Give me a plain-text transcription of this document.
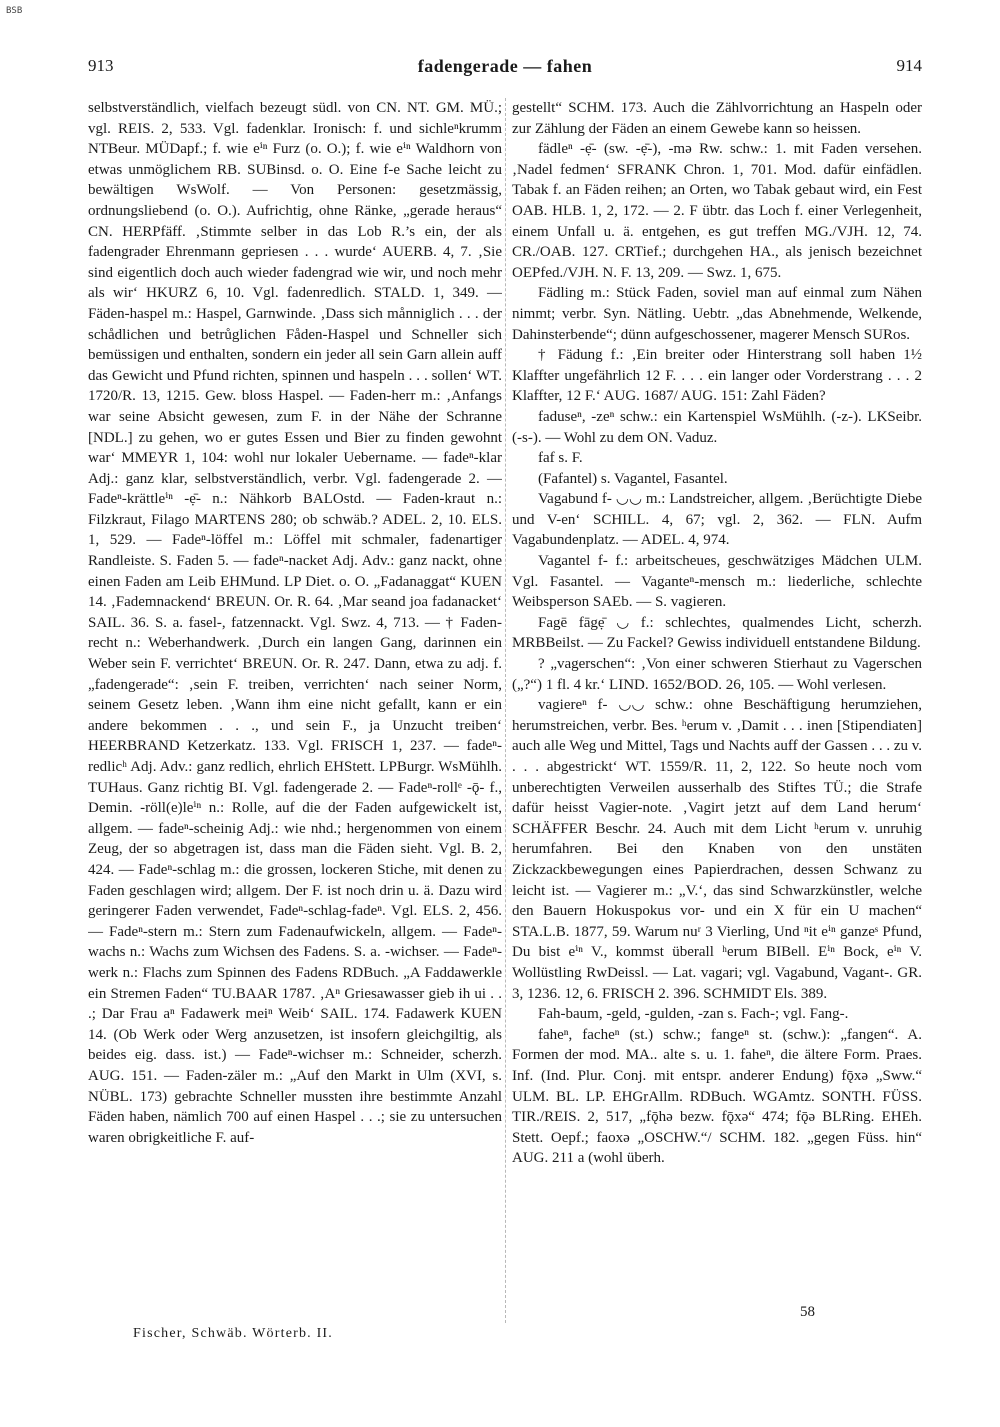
BSB
913	fadengerade — fahen	914

selbstverständlich, vielfach bezeugt südl. von CN. NT. GM. MÜ.; vgl. REIS. 2, 533. Vgl. fadenklar. Ironisch: f. und sichleⁿkrumm NTBeur. MÜDapf.; f. wie eⁱⁿ Furz (o. O.); f. wie eⁱⁿ Waldhorn von etwas unmöglichem RB. SUBinsd. o. O. Eine f-e Sache leicht zu bewältigen WsWolf. — Von Personen: gesetzmässig, ordnungsliebend (o. O.). Aufrichtig, ohne Ränke, „gerade heraus“ CN. HERPfäff. ‚Stimmte selber in das Lob R.’s ein, der als fadengrader Ehrenmann gepriesen . . . wurde‘ AUERB. 4, 7. ‚Sie sind eigentlich doch auch wieder fadengrad wie wir, und noch mehr als wir‘ HKURZ 6, 10. Vgl. fadenredlich. STALD. 1, 349. — Fäden-haspel m.: Haspel, Garnwinde. ‚Dass sich månniglich . . . der schådlichen und betrůglichen Fåden-Haspel und Schneller sich bemüssigen und enthalten, sondern ein jeder all sein Garn allein auff das Gewicht und Pfund richten, spinnen und haspeln . . . sollen‘ WT. 1720/R. 13, 1215. Gew. bloss Haspel. — Faden-herr m.: ‚Anfangs war seine Absicht gewesen, zum F. in der Nähe der Schranne [NDL.] zu gehen, wo er gutes Essen und Bier zu finden gewohnt war‘ MMEYR 1, 104: wohl nur lokaler Uebername. — fadeⁿ-klar Adj.: ganz klar, selbstverständlich, verbr. Vgl. fadengerade 2. — Fadeⁿ-krättleⁱⁿ -ẹ̄- n.: Nähkorb BALOstd. — Faden-kraut n.: Filzkraut, Filago MARTENS 280; ob schwäb.? ADEL. 2, 10. ELS. 1, 529. — Fadeⁿ-löffel m.: Löffel mit schmaler, fadenartiger Randleiste. S. Faden 5. — fadeⁿ-nacket Adj. Adv.: ganz nackt, ohne einen Faden am Leib EHMund. LP Diet. o. O. „Fadanaggat“ KUEN 14. ‚Fademnackend‘ BREUN. Or. R. 64. ‚Mar seand joa fadanacket‘ SAIL. 36. S. a. fasel-, fatzennackt. Vgl. Swz. 4, 713. — † Faden-recht n.: Weberhandwerk. ‚Durch ein langen Gang, darinnen ein Weber sein F. verrichtet‘ BREUN. Or. R. 247. Dann, etwa zu adj. f. „fadengerade“: ‚sein F. treiben, verrichten‘ nach seiner Norm, seinem Gesetz leben. ‚Wann ihm eine nicht gefallt, kann er ein andere bekommen . . ., und sein F., ja Unzucht treiben‘ HEERBRAND Ketzerkatz. 133. Vgl. FRISCH 1, 237. — fadeⁿ-redlicʰ Adj. Adv.: ganz redlich, ehrlich EHStett. LPBurgr. WsMühlh. TUHaus. Ganz richtig BI. Vgl. fadengerade 2. — Fadeⁿ-rollᵉ -ǭ- f., Demin. -röll(e)leⁱⁿ n.: Rolle, auf die der Faden aufgewickelt ist, allgem. — fadeⁿ-scheinig Adj.: wie nhd.; hergenommen von einem Zeug, der so abgetragen ist, dass man die Fäden sieht. Vgl. B. 2, 424. — Fadeⁿ-schlag m.: die grossen, lockeren Stiche, mit denen zu Faden geschlagen wird; allgem. Der F. ist noch drin u. ä. Dazu wird geringerer Faden verwendet, Fadeⁿ-schlag-fadeⁿ. Vgl. ELS. 2, 456. — Fadeⁿ-stern m.: Stern zum Fadenaufwickeln, allgem. — Fadeⁿ-wachs n.: Wachs zum Wichsen des Fadens. S. a. -wichser. — Fadeⁿ-werk n.: Flachs zum Spinnen des Fadens RDBuch. „A Faddawerkle ein Stremen Faden“ TU.BAAR 1787. ‚Aⁿ Griesawasser gieb ih ui . . .; Dar Frau aⁿ Fadawerk meiⁿ Weib‘ SAIL. 174. Fadawerk KUEN 14. (Ob Werk oder Werg anzusetzen, ist insofern gleichgiltig, als beides eig. dass. ist.) — Fadeⁿ-wichser m.: Schneider, scherzh. AUG. 151. — Faden-zäler m.: „Auf den Markt in Ulm (XVI, s. NÜBL. 173) gebrachte Schneller mussten ihre bestimmte Anzahl Fäden haben, nämlich 700 auf einen Haspel . . .; sie zu untersuchen waren obrigkeitliche F. auf-

gestellt“ SCHM. 173. Auch die Zählvorrichtung an Haspeln oder zur Zählung der Fäden an einem Gewebe kann so heissen.

fädleⁿ -ẹ̄- (sw. -ẹ̄-), -mə Rw. schw.: 1. mit Faden versehen. ‚Nadel fedmen‘ SFRANK Chron. 1, 701. Mod. dafür einfädlen. Tabak f. an Fäden reihen; an Orten, wo Tabak gebaut wird, ein Fest OAB. HLB. 1, 2, 172. — 2. F übtr. das Loch f. einer Verlegenheit, einem Unfall u. ä. entgehen, es gut treffen MG./VJH. 12, 74. CR./OAB. 127. CRTief.; durchgehen HA., als jenisch bezeichnet OEPfed./VJH. N. F. 13, 209. — Swz. 1, 675.

Fädling m.: Stück Faden, soviel man auf einmal zum Nähen nimmt; verbr. Syn. Nätling. Uebtr. „das Abnehmende, Welkende, Dahinsterbende“; dünn aufgeschossener, magerer Mensch SURos.

† Fädung f.: ‚Ein breiter oder Hinterstrang soll haben 1½ Klaffter ungefährlich 12 F. . . . ein langer oder Vorderstrang . . . 2 Klaffter, 12 F.‘ AUG. 1687/ AUG. 151: Zahl Fäden?

faduseⁿ, -zeⁿ schw.: ein Kartenspiel WsMühlh. (-z-). LKSeibr. (-s-). — Wohl zu dem ON. Vaduz.

faf s. F.

(Fafantel) s. Vagantel, Fasantel.

Vagabund f- ◡◡ m.: Landstreicher, allgem. ‚Berüchtigte Diebe und V-en‘ SCHILL. 4, 67; vgl. 2, 362. — FLN. Aufm Vagabundenplatz. — ADEL. 4, 974.

Vagantel f- f.: arbeitscheues, geschwätziges Mädchen ULM. Vgl. Fasantel. — Vaganteⁿ-mensch m.: liederliche, schlechte Weibsperson SAEb. — S. vagieren.

Fagē fāgẹ̄ ◡ f.: schlechtes, qualmendes Licht, scherzh. MRBBeilst. — Zu Fackel? Gewiss individuell entstandene Bildung.

? „vagerschen“: ‚Von einer schweren Stierhaut zu Vagerschen („?“) 1 fl. 4 kr.‘ LIND. 1652/BOD. 26, 105. — Wohl verlesen.

vagiereⁿ f- ◡◡ schw.: ohne Beschäftigung herumziehen, herumstreichen, verbr. Bes. ʰerum v. ‚Damit . . . inen [Stipendiaten] auch alle Weg und Mittel, Tags und Nachts auff der Gassen . . . zu v. . . . abgestrickt‘ WT. 1559/R. 11, 2, 122. So heute noch vom unberechtigten Verweilen ausserhalb des Stiftes TÜ.; die Strafe dafür heisst Vagier-note. ‚Vagirt jetzt auf dem Land herum‘ SCHÄFFER Beschr. 24. Auch mit dem Licht ʰerum v. unruhig herumfahren. Bei den Knaben von den unstäten Zickzackbewegungen eines Papierdrachen, dessen Schwanz zu leicht ist. — Vagierer m.: „V.‘, das sind Schwarzkünstler, welche den Bauern Hokuspokus vor- und ein X für ein U machen“ STA.L.B. 1877, 59. Warum nuʳ 3 Vierling, Und ⁿit eⁱⁿ ganzeˢ Pfund, Du bist eⁱⁿ V., kommst überall ʰerum BIBell. Eⁱⁿ Bock, eⁱⁿ V. Wollüstling RwDeissl. — Lat. vagari; vgl. Vagabund, Vagant-. GR. 3, 1236. 12, 6. FRISCH 2. 396. SCHMIDT Els. 389.

Fah-baum, -geld, -gulden, -zan s. Fach-; vgl. Fang-.

faheⁿ, facheⁿ (st.) schw.; fangeⁿ st. (schw.): „fangen“. A. Formen der mod. MA.. alte s. u. 1. faheⁿ, die ältere Form. Praes. Inf. (Ind. Plur. Conj. mit entspr. anderer Endung) fǭxə „Sww.“ ULM. BL. LP. EHGrAllm. RDBuch. WGAmtz. SONTH. FÜSS. TIR./REIS. 2, 517, „fǭhə bezw. fǭxə“ 474; fǭə BLRing. EHEh. Stett. Oepf.; faoxə „OSCHW.“/ SCHM. 182. „gegen Füss. hin“ AUG. 211 a (wohl überh.

58
Fischer, Schwäb. Wörterb. II.
